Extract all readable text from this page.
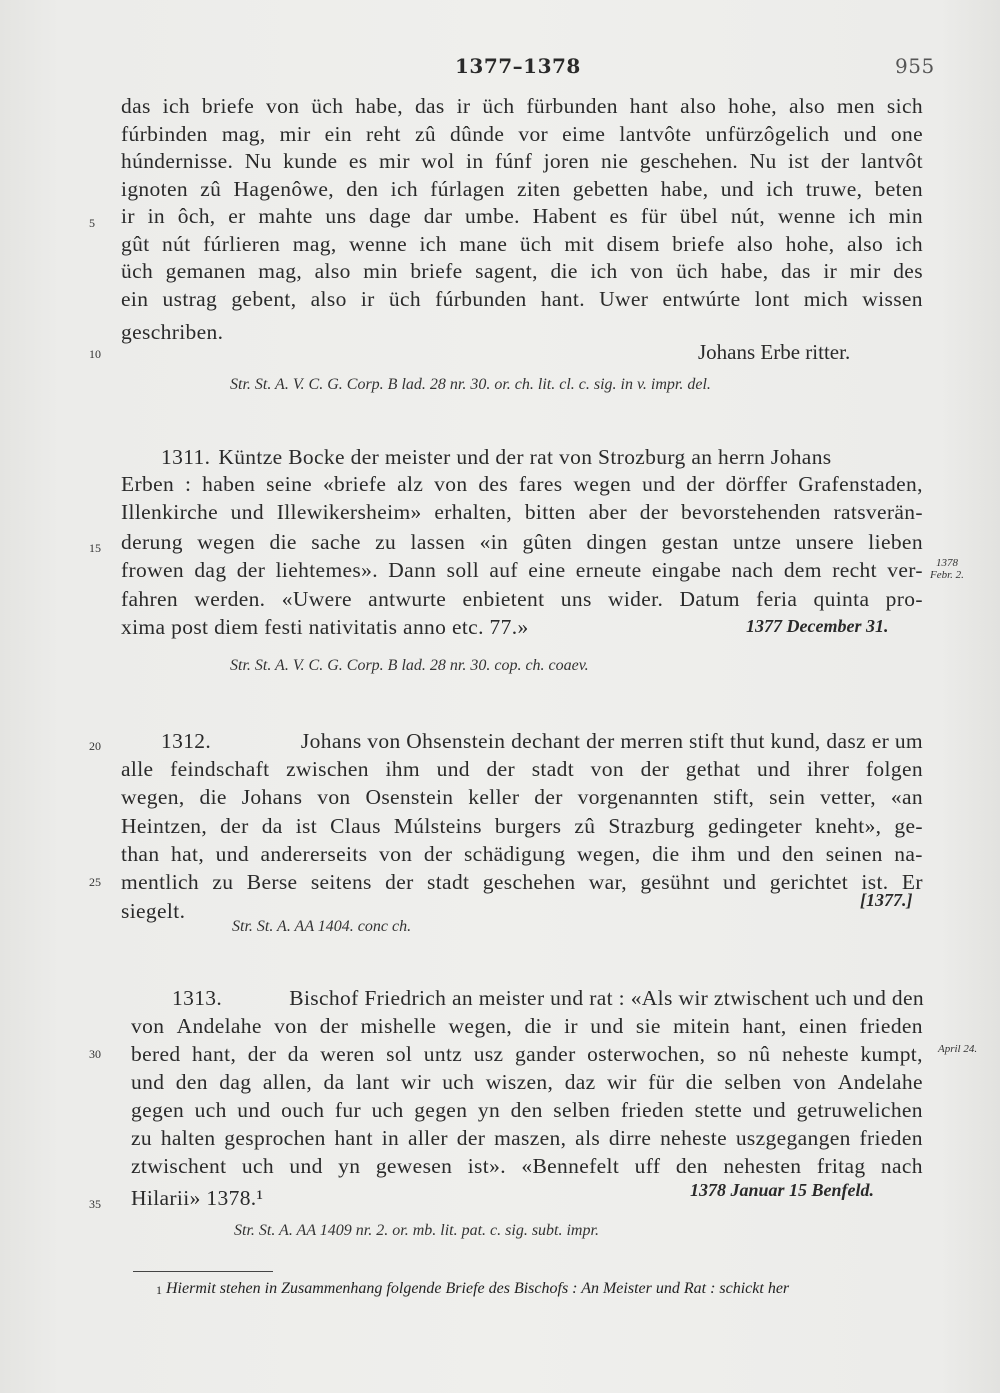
1377–1378	955
5
10
15
20
25
30
35
das ich briefe von üch habe, das ir üch fürbunden hant also hohe, also men sich
fúrbinden mag, mir ein reht zû dûnde vor eime lantvôte unfürzôgelich und one
húndernisse. Nu kunde es mir wol in fúnf joren nie geschehen. Nu ist der lantvôt
ignoten zû Hagenôwe, den ich fúrlagen ziten gebetten habe, und ich truwe, beten
ir in ôch, er mahte uns dage dar umbe. Habent es für übel nút, wenne ich min
gût nút fúrlieren mag, wenne ich mane üch mit disem briefe also hohe, also ich
üch gemanen mag, also min briefe sagent, die ich von üch habe, das ir mir des
ein ustrag gebent, also ir üch fúrbunden hant. Uwer entwúrte lont mich wissen
geschriben.
Johans Erbe ritter.
Str. St. A. V. C. G. Corp. B lad. 28 nr. 30. or. ch. lit. cl. c. sig. in v. impr. del.
1311. Küntze Bocke der meister und der rat von Strozburg an herrn Johans
Erben : haben seine «briefe alz von des fares wegen und der dörffer Grafenstaden,
Illenkirche und Illewikersheim» erhalten, bitten aber der bevorstehenden ratsverän-
derung wegen die sache zu lassen «in gûten dingen gestan untze unsere lieben
frowen dag der liehtemes». Dann soll auf eine erneute eingabe nach dem recht ver-
fahren werden. «Uwere antwurte enbietent uns wider. Datum feria quinta pro-
xima post diem festi nativitatis anno etc. 77.»	1377 December 31.
1378
Febr. 2.
Str. St. A. V. C. G. Corp. B lad. 28 nr. 30. cop. ch. coaev.
1312.	Johans von Ohsenstein dechant der merren stift thut kund, dasz er um
alle feindschaft zwischen ihm und der stadt von der gethat und ihrer folgen
wegen, die Johans von Osenstein keller der vorgenannten stift, sein vetter, «an
Heintzen, der da ist Claus Múlsteins burgers zû Strazburg gedingeter kneht», ge-
than hat, und andererseits von der schädigung wegen, die ihm und den seinen na-
mentlich zu Berse seitens der stadt geschehen war, gesühnt und gerichtet ist. Er
siegelt.	[1377.]
Str. St. A. AA 1404. conc ch.
1313.	Bischof Friedrich an meister und rat : «Als wir ztwischent uch und den
von Andelahe von der mishelle wegen, die ir und sie mitein hant, einen frieden
bered hant, der da weren sol untz usz gander osterwochen, so nû neheste kumpt,
und den dag allen, da lant wir uch wiszen, daz wir für die selben von Andelahe
gegen uch und ouch fur uch gegen yn den selben frieden stette und getruwelichen
zu halten gesprochen hant in aller der maszen, als dirre neheste uszgegangen frieden
ztwischent uch und yn gewesen ist». «Bennefelt uff den nehesten fritag nach
Hilarii» 1378.¹	1378 Januar 15 Benfeld.
April 24.
Str. St. A. AA 1409 nr. 2. or. mb. lit. pat. c. sig. subt. impr.
1 Hiermit stehen in Zusammenhang folgende Briefe des Bischofs : An Meister und Rat : schickt her
